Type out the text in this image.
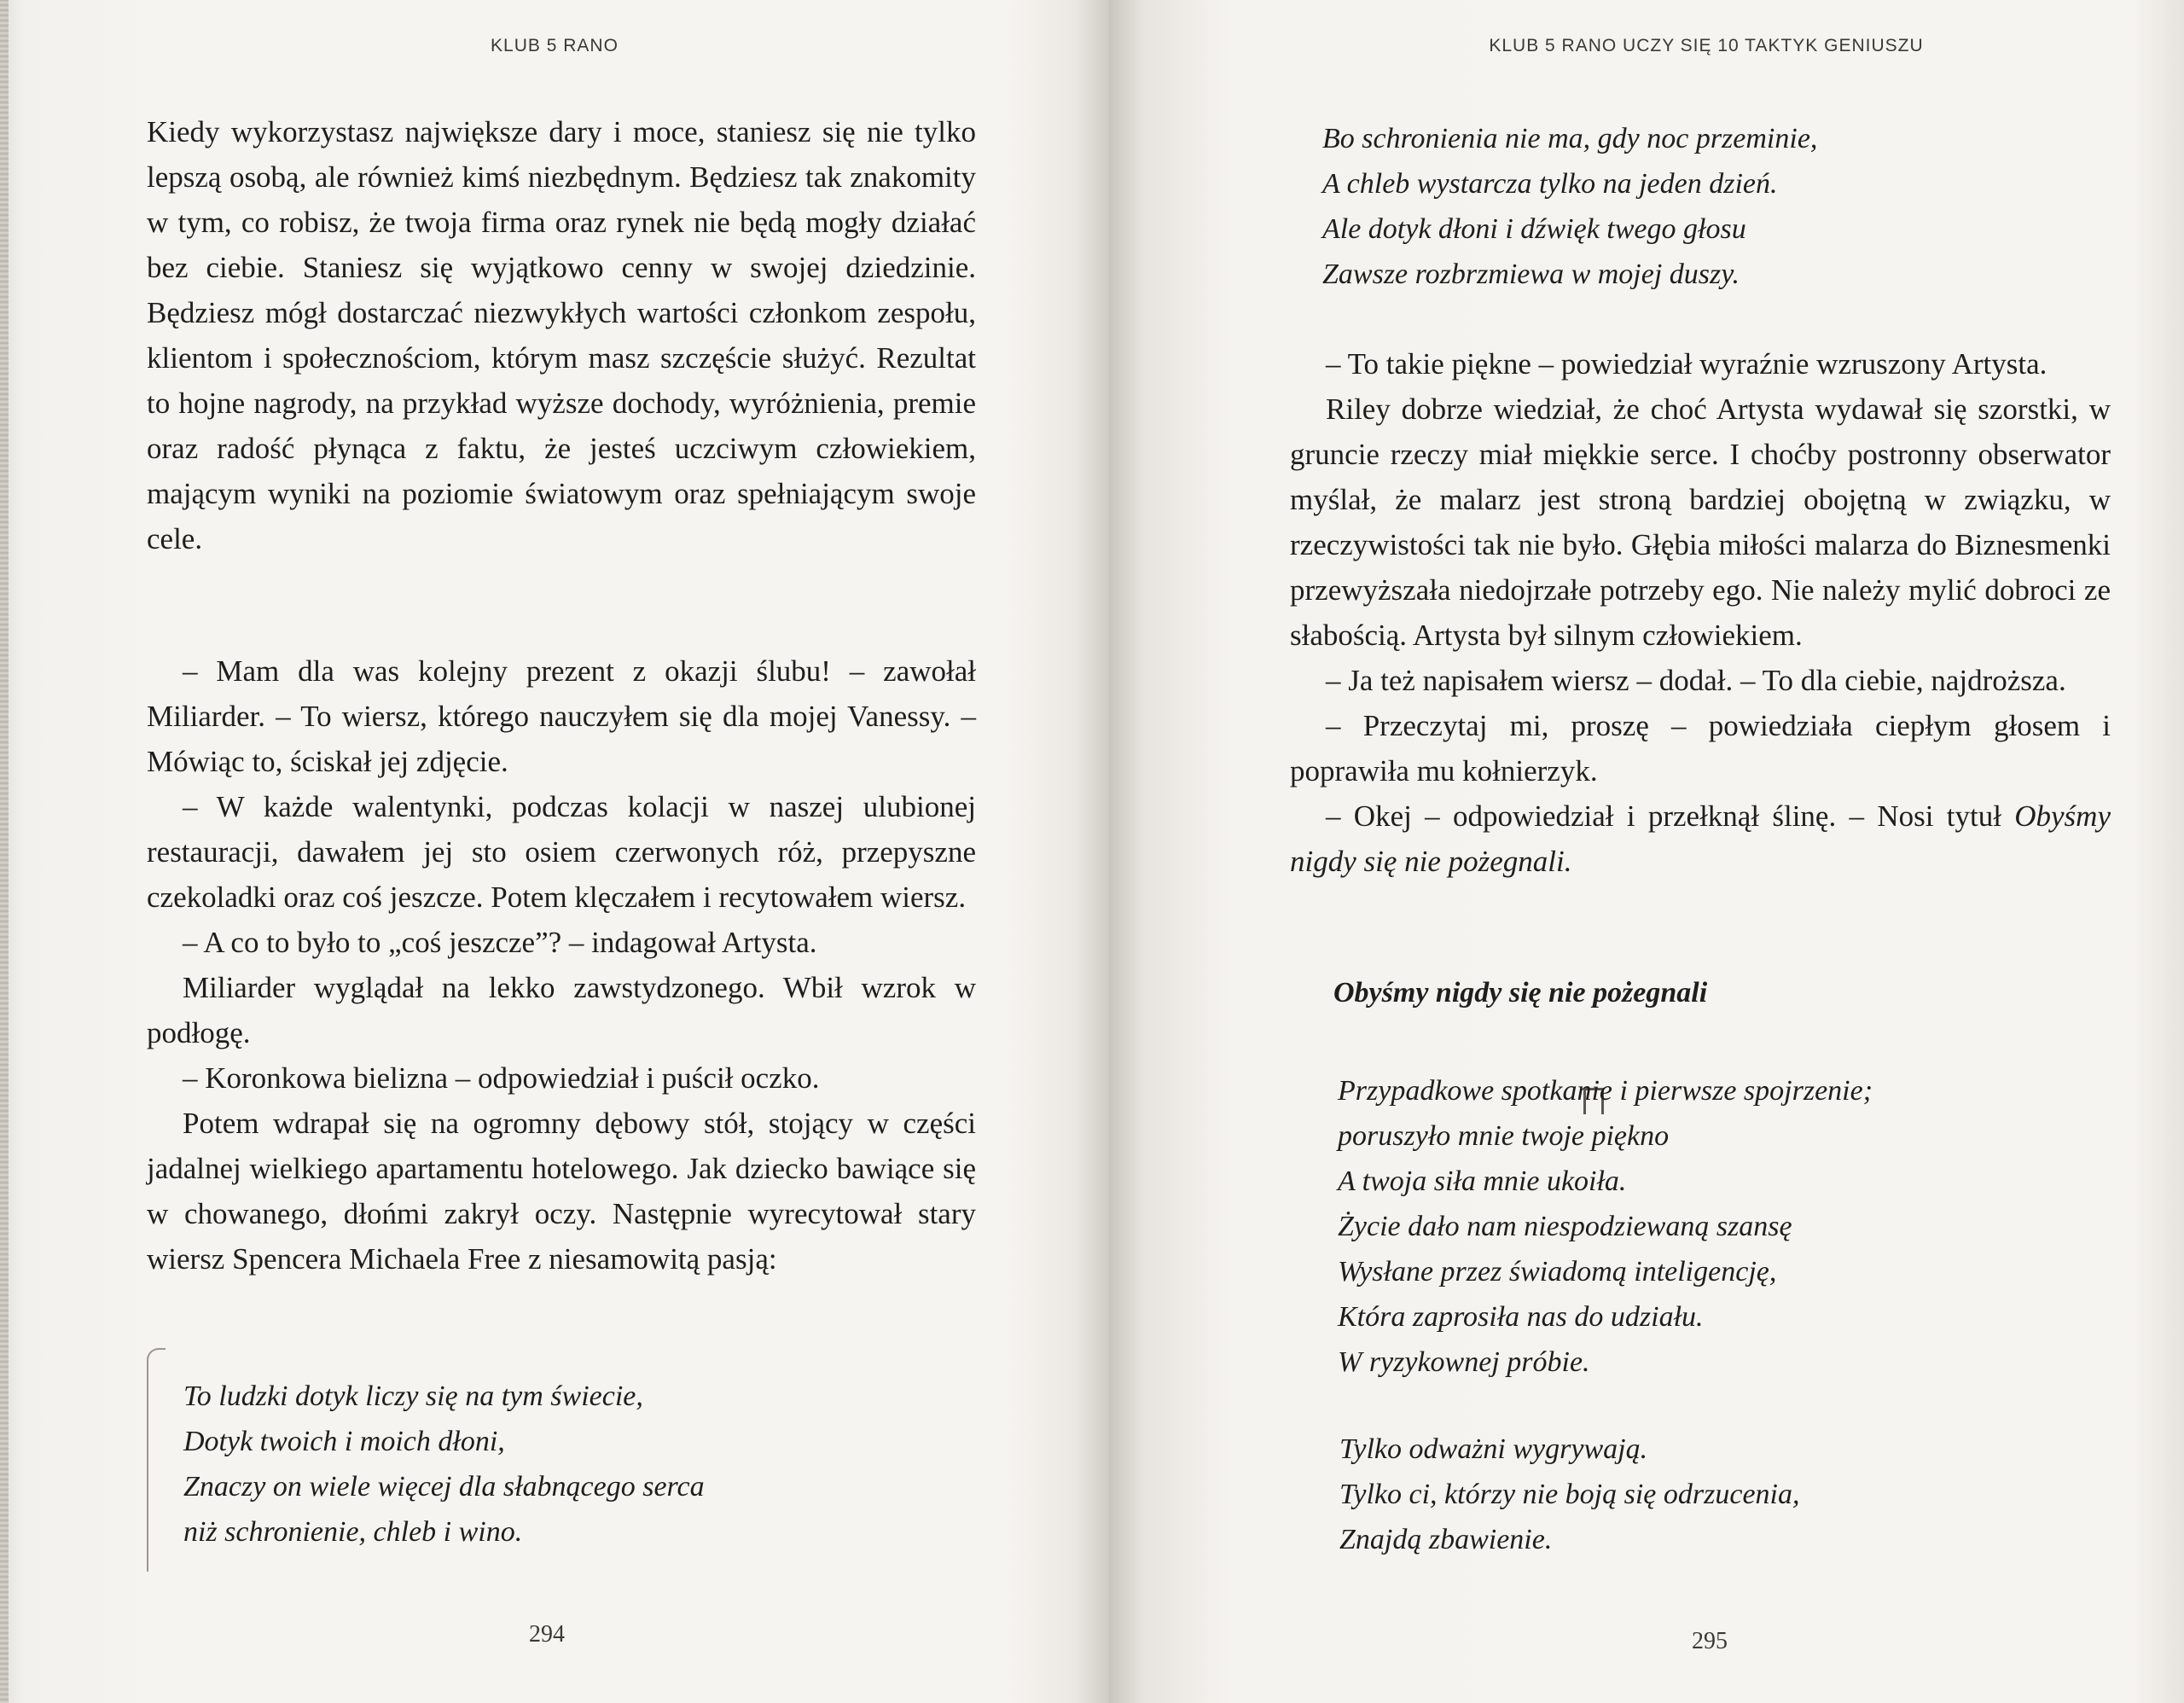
KLUB 5 RANO

Kiedy wykorzystasz największe dary i moce, staniesz się nie tylko lepszą osobą, ale również kimś niezbędnym. Będziesz tak znakomity w tym, co robisz, że twoja firma oraz rynek nie będą mogły działać bez ciebie. Staniesz się wyjątkowo cenny w swojej dziedzinie. Będziesz mógł dostarczać niezwykłych wartości członkom zespołu, klientom i społecznościom, którym masz szczęście służyć. Rezultat to hojne nagrody, na przykład wyższe dochody, wyróżnienia, premie oraz radość płynąca z faktu, że jesteś uczciwym człowiekiem, mającym wyniki na poziomie światowym oraz spełniającym swoje cele.

– Mam dla was kolejny prezent z okazji ślubu! – zawołał Miliarder. – To wiersz, którego nauczyłem się dla mojej Vanessy. – Mówiąc to, ściskał jej zdjęcie.

– W każde walentynki, podczas kolacji w naszej ulubionej restauracji, dawałem jej sto osiem czerwonych róż, przepyszne czekoladki oraz coś jeszcze. Potem klęczałem i recytowałem wiersz.

– A co to było to „coś jeszcze”? – indagował Artysta.

Miliarder wyglądał na lekko zawstydzonego. Wbił wzrok w podłogę.

– Koronkowa bielizna – odpowiedział i puścił oczko.

Potem wdrapał się na ogromny dębowy stół, stojący w części jadalnej wielkiego apartamentu hotelowego. Jak dziecko bawiące się w chowanego, dłońmi zakrył oczy. Następnie wyrecytował stary wiersz Spencera Michaela Free z niesamowitą pasją:

To ludzki dotyk liczy się na tym świecie,
Dotyk twoich i moich dłoni,
Znaczy on wiele więcej dla słabnącego serca
niż schronienie, chleb i wino.
294
KLUB 5 RANO UCZY SIĘ 10 TAKTYK GENIUSZU
Bo schronienia nie ma, gdy noc przeminie,
A chleb wystarcza tylko na jeden dzień.
Ale dotyk dłoni i dźwięk twego głosu
Zawsze rozbrzmiewa w mojej duszy.

– To takie piękne – powiedział wyraźnie wzruszony Artysta.

Riley dobrze wiedział, że choć Artysta wydawał się szorstki, w gruncie rzeczy miał miękkie serce. I choćby postronny obserwator myślał, że malarz jest stroną bardziej obojętną w związku, w rzeczywistości tak nie było. Głębia miłości malarza do Biznesmenki przewyższała niedojrzałe potrzeby ego. Nie należy mylić dobroci ze słabością. Artysta był silnym człowiekiem.

– Ja też napisałem wiersz – dodał. – To dla ciebie, najdroższa.

– Przeczytaj mi, proszę – powiedziała ciepłym głosem i poprawiła mu kołnierzyk.

– Okej – odpowiedział i przełknął ślinę. – Nosi tytuł Obyśmy nigdy się nie pożegnali.

Obyśmy nigdy się nie pożegnali
Przypadkowe spotkanie i pierwsze spojrzenie;
poruszyło mnie twoje piękno
A twoja siła mnie ukoiła.
Życie dało nam niespodziewaną szansę
Wysłane przez świadomą inteligencję,
Która zaprosiła nas do udziału.
W ryzykownej próbie.
Tylko odważni wygrywają.
Tylko ci, którzy nie boją się odrzucenia,
Znajdą zbawienie.
295
